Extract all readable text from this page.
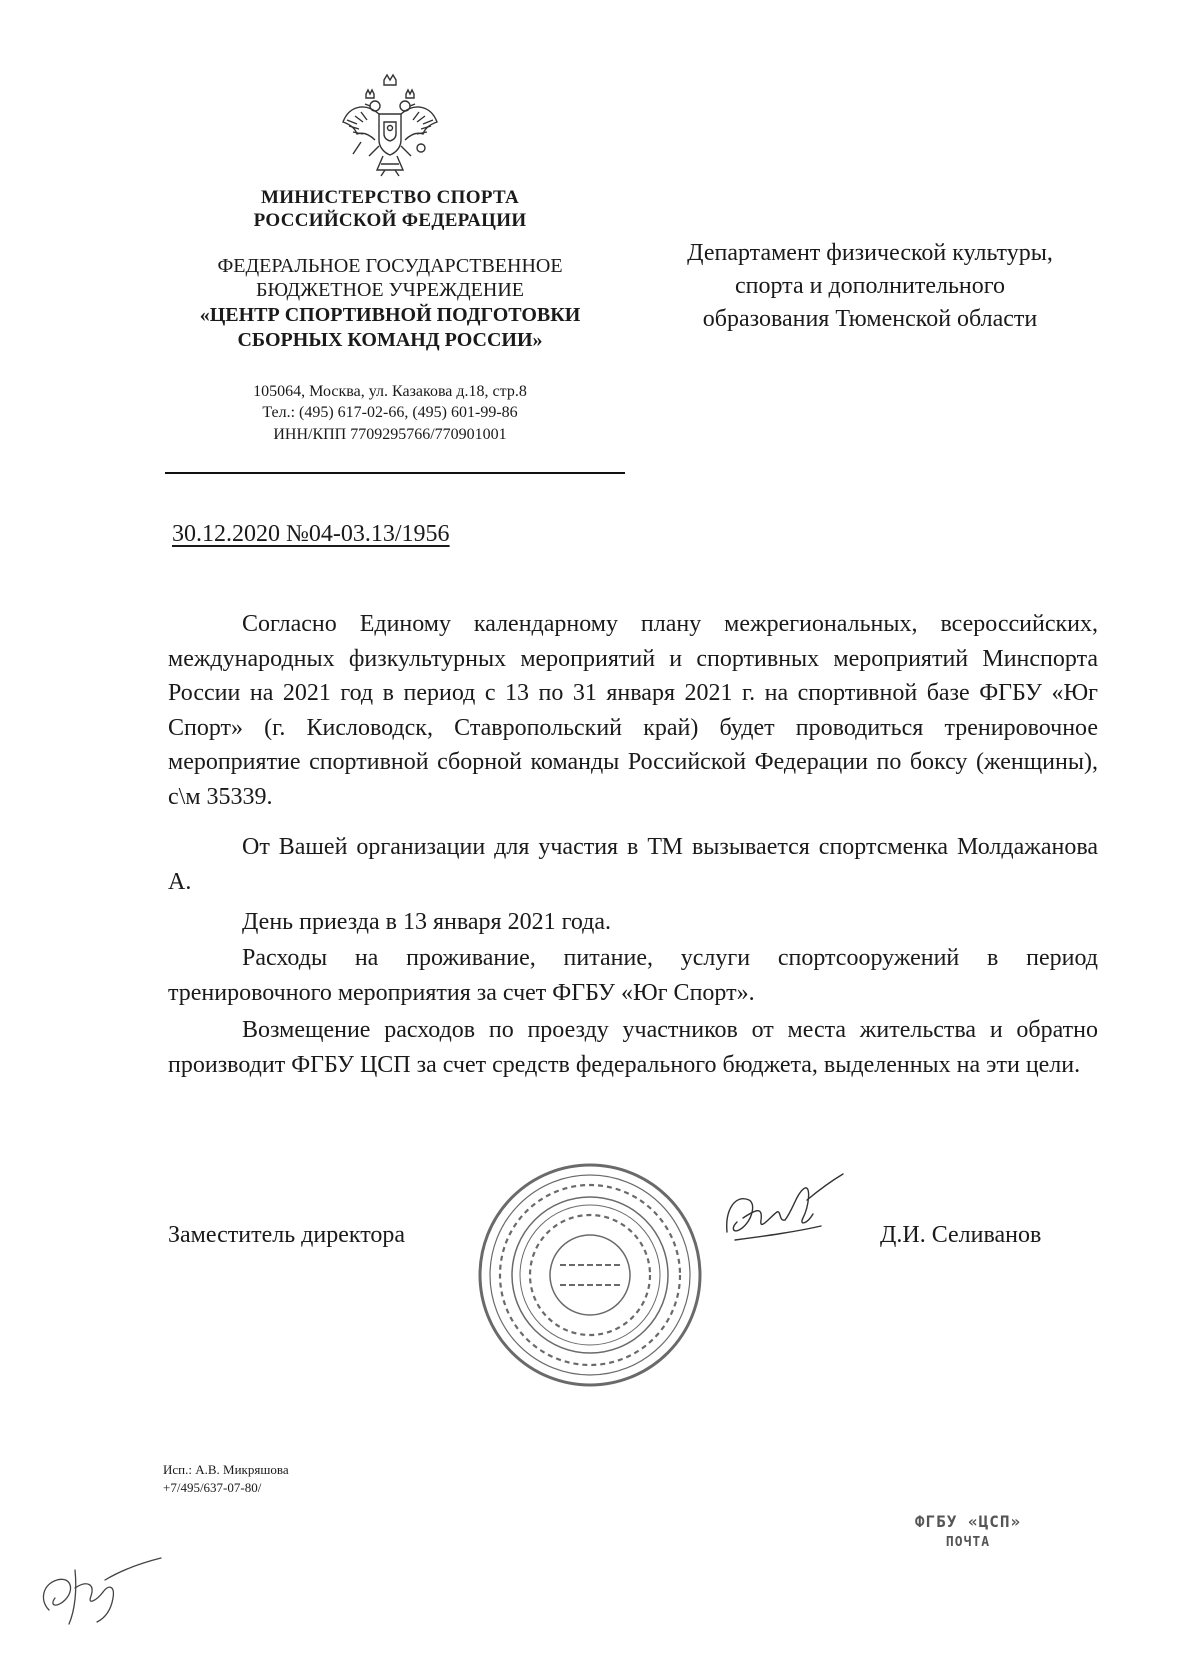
МИНИСТЕРСТВО СПОРТА
РОССИЙСКОЙ ФЕДЕРАЦИИ
ФЕДЕРАЛЬНОЕ ГОСУДАРСТВЕННОЕ
БЮДЖЕТНОЕ УЧРЕЖДЕНИЕ
«ЦЕНТР СПОРТИВНОЙ ПОДГОТОВКИ
СБОРНЫХ КОМАНД РОССИИ»
105064, Москва, ул. Казакова д.18, стр.8
Тел.: (495) 617-02-66, (495) 601-99-86
ИНН/КПП 7709295766/770901001
Департамент физической культуры,
спорта и дополнительного
образования Тюменской области
30.12.2020 №04-03.13/1956
Согласно Единому календарному плану межрегиональных, всероссийских, международных физкультурных мероприятий и спортивных мероприятий Минспорта России на 2021 год в период с 13 по 31 января 2021 г. на спортивной базе ФГБУ «Юг Спорт» (г. Кисловодск, Ставропольский край) будет проводиться тренировочное мероприятие спортивной сборной команды Российской Федерации по боксу (женщины), с\м 35339.
От Вашей организации для участия в ТМ вызывается спортсменка Молдажанова А.
День приезда в 13 января 2021 года.
Расходы на проживание, питание, услуги спортсооружений в период тренировочного мероприятия за счет ФГБУ «Юг Спорт».
Возмещение расходов по проезду участников от места жительства и обратно производит ФГБУ ЦСП за счет средств федерального бюджета, выделенных на эти цели.
Заместитель директора	Д.И. Селиванов
Исп.: А.В. Микряшова
+7/495/637-07-80/
ФГБУ «ЦСП»
ПОЧТА
